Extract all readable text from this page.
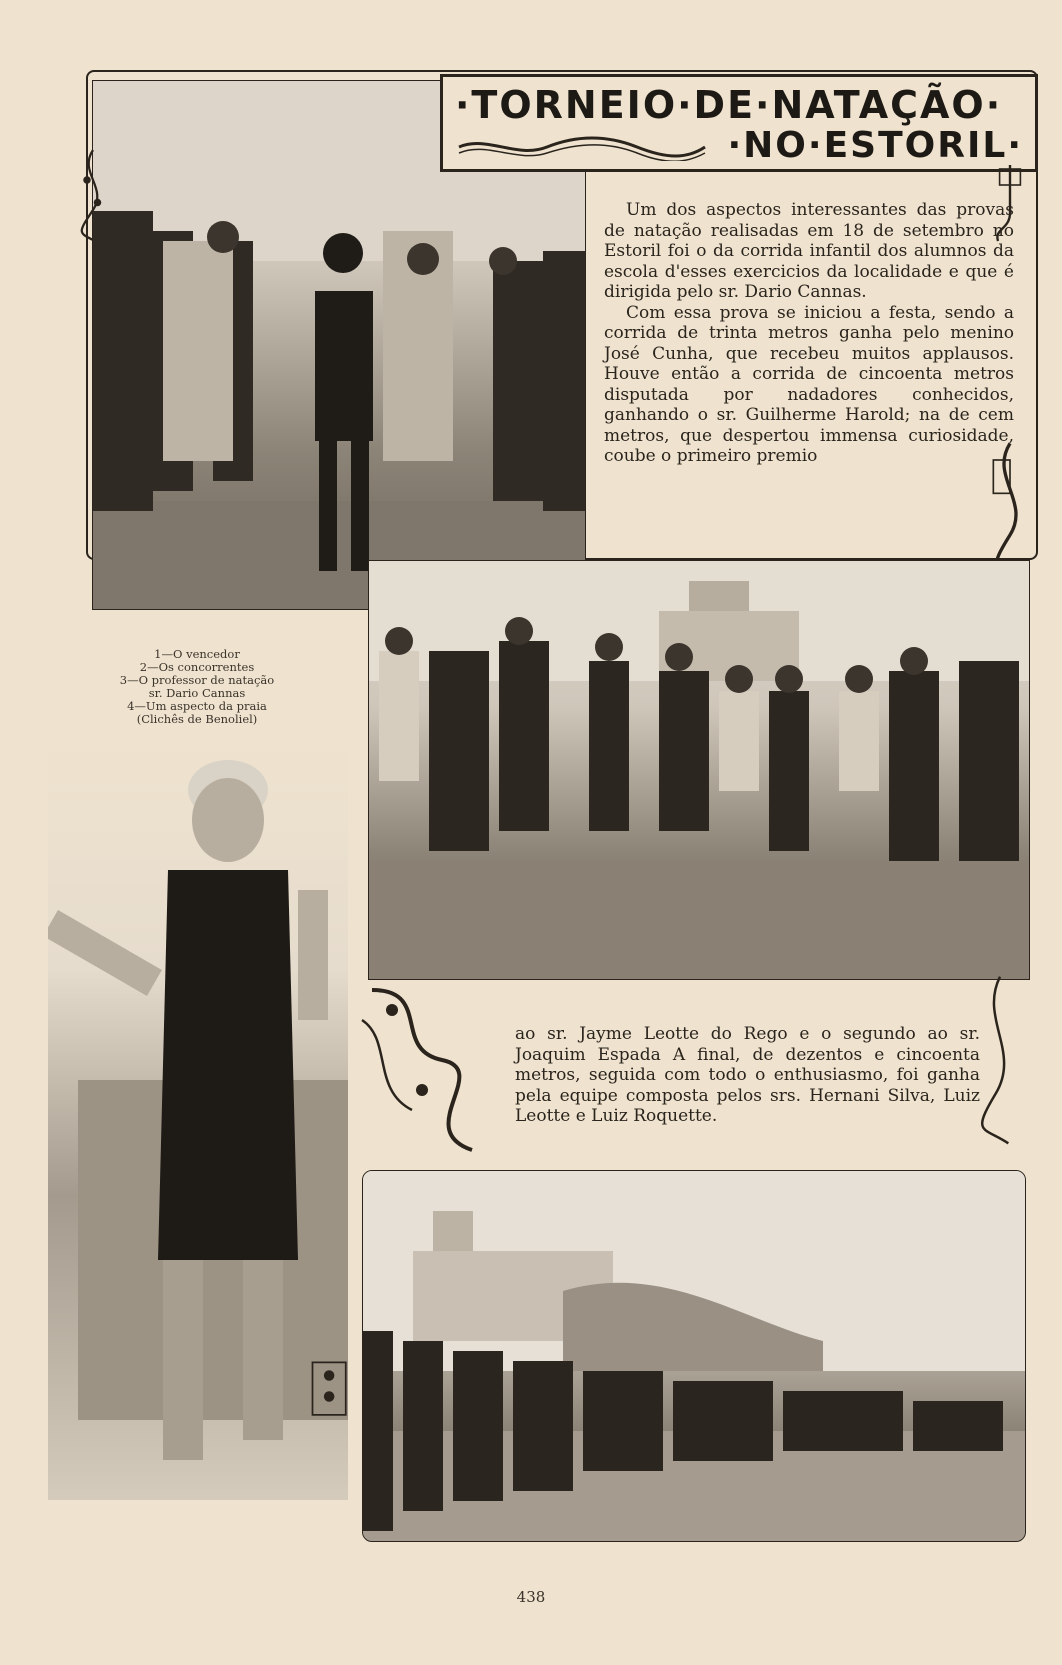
·TORNEIO·DE·NATAÇÃO·
·NO·ESTORIL·

Um dos aspectos interessantes das provas de natação realisadas em 18 de setembro no Estoril foi o da corrida infantil dos alumnos da escola d'esses exercicios da localidade e que é dirigida pelo sr. Dario Cannas.

Com essa prova se iniciou a festa, sendo a corrida de trinta metros ganha pelo menino José Cunha, que recebeu muitos applausos. Houve então a corrida de cincoenta metros disputada por nadadores conhecidos, ganhando o sr. Guilherme Harold; na de cem metros, que despertou immensa curiosidade, coube o primeiro premio

1—O vencedor
2—Os concorrentes
3—O professor de natação
sr. Dario Cannas
4—Um aspecto da praia
(Clichês de Benoliel)

ao sr. Jayme Leotte do Rego e o segundo ao sr. Joaquim Espada A final, de dezentos e cincoenta metros, seguida com todo o enthusiasmo, foi ganha pela equipe composta pelos srs. Hernani Silva, Luiz Leotte e Luiz Roquette.

438
